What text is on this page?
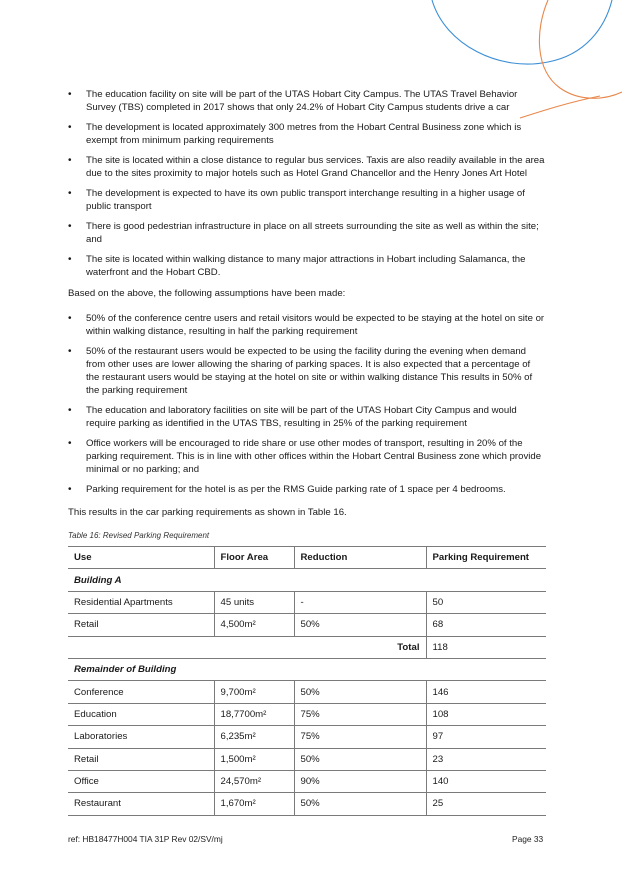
• The education facility on site will be part of the UTAS Hobart City Campus. The UTAS Travel Behavior Survey (TBS) completed in 2017 shows that only 24.2% of Hobart City Campus students drive a car
• The development is located approximately 300 metres from the Hobart Central Business zone which is exempt from minimum parking requirements
• The site is located within a close distance to regular bus services. Taxis are also readily available in the area due to the sites proximity to major hotels such as Hotel Grand Chancellor and the Henry Jones Art Hotel
• The development is expected to have its own public transport interchange resulting in a higher usage of public transport
• There is good pedestrian infrastructure in place on all streets surrounding the site as well as within the site; and
• The site is located within walking distance to many major attractions in Hobart including Salamanca, the waterfront and the Hobart CBD.

Based on the above, the following assumptions have been made:

• 50% of the conference centre users and retail visitors would be expected to be staying at the hotel on site or within walking distance, resulting in half the parking requirement
• 50% of the restaurant users would be expected to be using the facility during the evening when demand from other uses are lower allowing the sharing of parking spaces. It is also expected that a percentage of the restaurant users would be staying at the hotel on site or within walking distance This results in 50% of the parking requirement
• The education and laboratory facilities on site will be part of the UTAS Hobart City Campus and would require parking as identified in the UTAS TBS, resulting in 25% of the parking requirement
• Office workers will be encouraged to ride share or use other modes of transport, resulting in 20% of the parking requirement. This is in line with other offices within the Hobart Central Business zone which provide minimal or no parking; and
• Parking requirement for the hotel is as per the RMS Guide parking rate of 1 space per 4 bedrooms.

This results in the car parking requirements as shown in Table 16.

Table 16: Revised Parking Requirement
Use	Floor Area	Reduction	Parking Requirement
Building A			
Residential Apartments	45 units	-	50
Retail	4,500m²	50%	68
Total			118
Remainder of Building			
Conference	9,700m²	50%	146
Education	18,7700m²	75%	108
Laboratories	6,235m²	75%	97
Retail	1,500m²	50%	23
Office	24,570m²	90%	140
Restaurant	1,670m²	50%	25
ref: HB18477H004 TIA 31P Rev 02/SV/mj	Page 33
